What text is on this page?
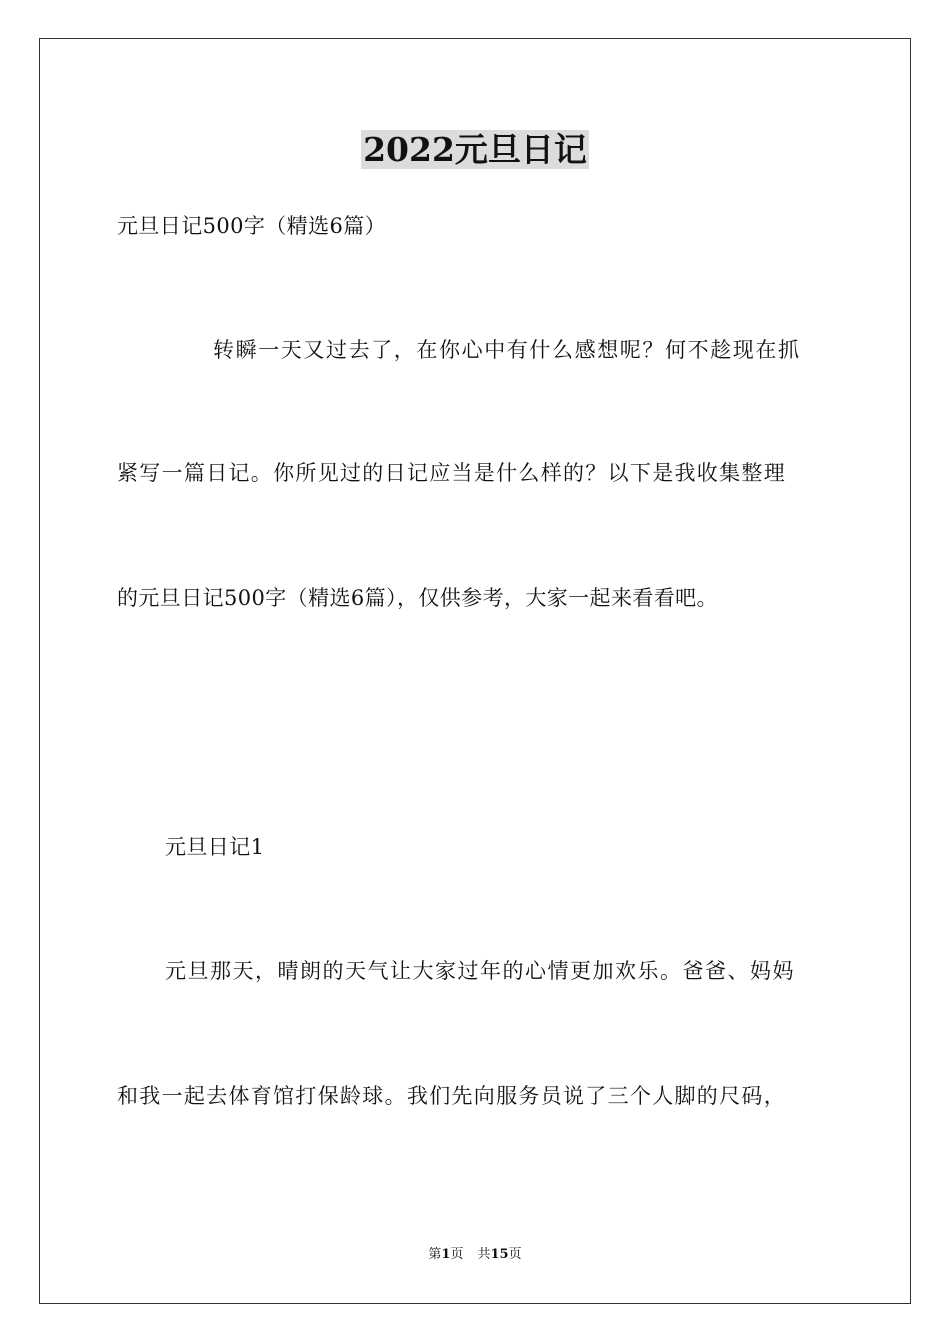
2022元旦日记
元旦日记500字（精选6篇）
转瞬一天又过去了，在你心中有什么感想呢？何不趁现在抓
紧写一篇日记。你所见过的日记应当是什么样的？以下是我收集整理
的元旦日记500字（精选6篇），仅供参考，大家一起来看看吧。
元旦日记1
元旦那天，晴朗的天气让大家过年的心情更加欢乐。爸爸、妈妈
和我一起去体育馆打保龄球。我们先向服务员说了三个人脚的尺码，
第1页 共15页
